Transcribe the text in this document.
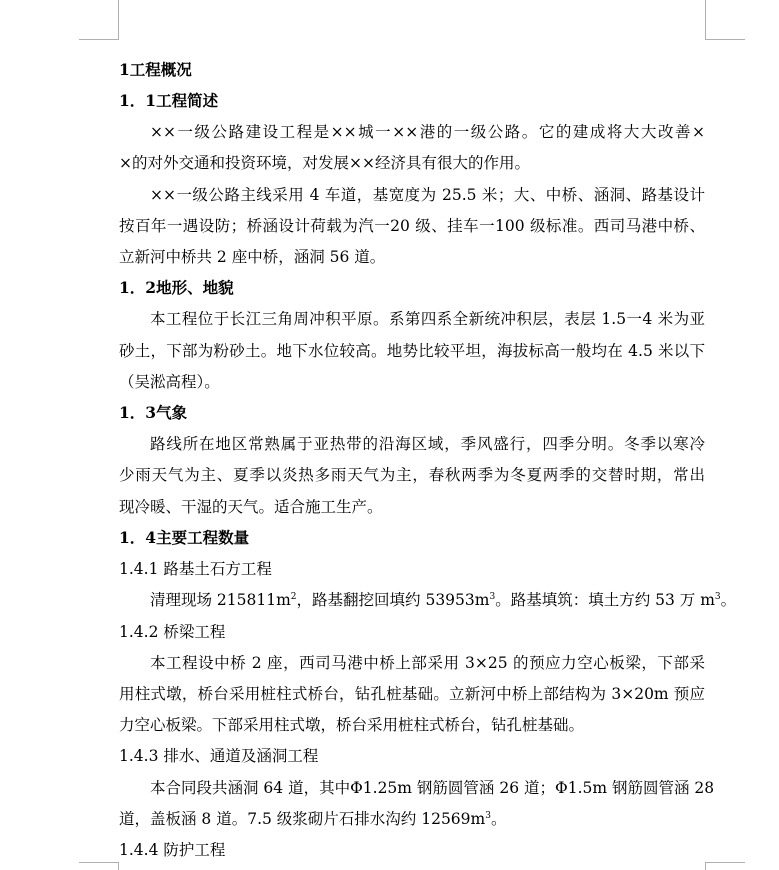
1工程概况
1．1工程简述
××一级公路建设工程是××城一××港的一级公路。它的建成将大大改善×
×的对外交通和投资环境，对发展××经济具有很大的作用。
××一级公路主线采用 4 车道，基宽度为 25.5 米；大、中桥、涵洞、路基设计
按百年一遇设防；桥涵设计荷载为汽一20 级、挂车一100 级标准。西司马港中桥、
立新河中桥共 2 座中桥，涵洞 56 道。
1．2地形、地貌
本工程位于长江三角周冲积平原。系第四系全新统冲积层，表层 1.5一4 米为亚
砂土，下部为粉砂土。地下水位较高。地势比较平坦，海拔标高一般均在 4.5 米以下
（吴淞高程）。
1．3气象
路线所在地区常熟属于亚热带的沿海区域，季风盛行，四季分明。冬季以寒冷
少雨天气为主、夏季以炎热多雨天气为主，春秋两季为冬夏两季的交替时期，常出
现冷暖、干湿的天气。适合施工生产。
1．4主要工程数量
1.4.1 路基土石方工程
清理现场 $215811m^2$，路基翻挖回填约 $53953m^3$。路基填筑：填土方约 53 万 $m^3$。
1.4.2 桥梁工程
本工程设中桥 2 座，西司马港中桥上部采用 3×25 的预应力空心板梁，下部采
用柱式墩，桥台采用桩柱式桥台，钻孔桩基础。立新河中桥上部结构为 3×20m 预应
力空心板梁。下部采用柱式墩，桥台采用桩柱式桥台，钻孔桩基础。
1.4.3 排水、通道及涵洞工程
本合同段共涵洞 64 道，其中Φ1.25m 钢筋圆管涵 26 道；Φ1.5m 钢筋圆管涵 28
道，盖板涵 8 道。7.5 级浆砌片石排水沟约 $12569m^3$。
1.4.4 防护工程
